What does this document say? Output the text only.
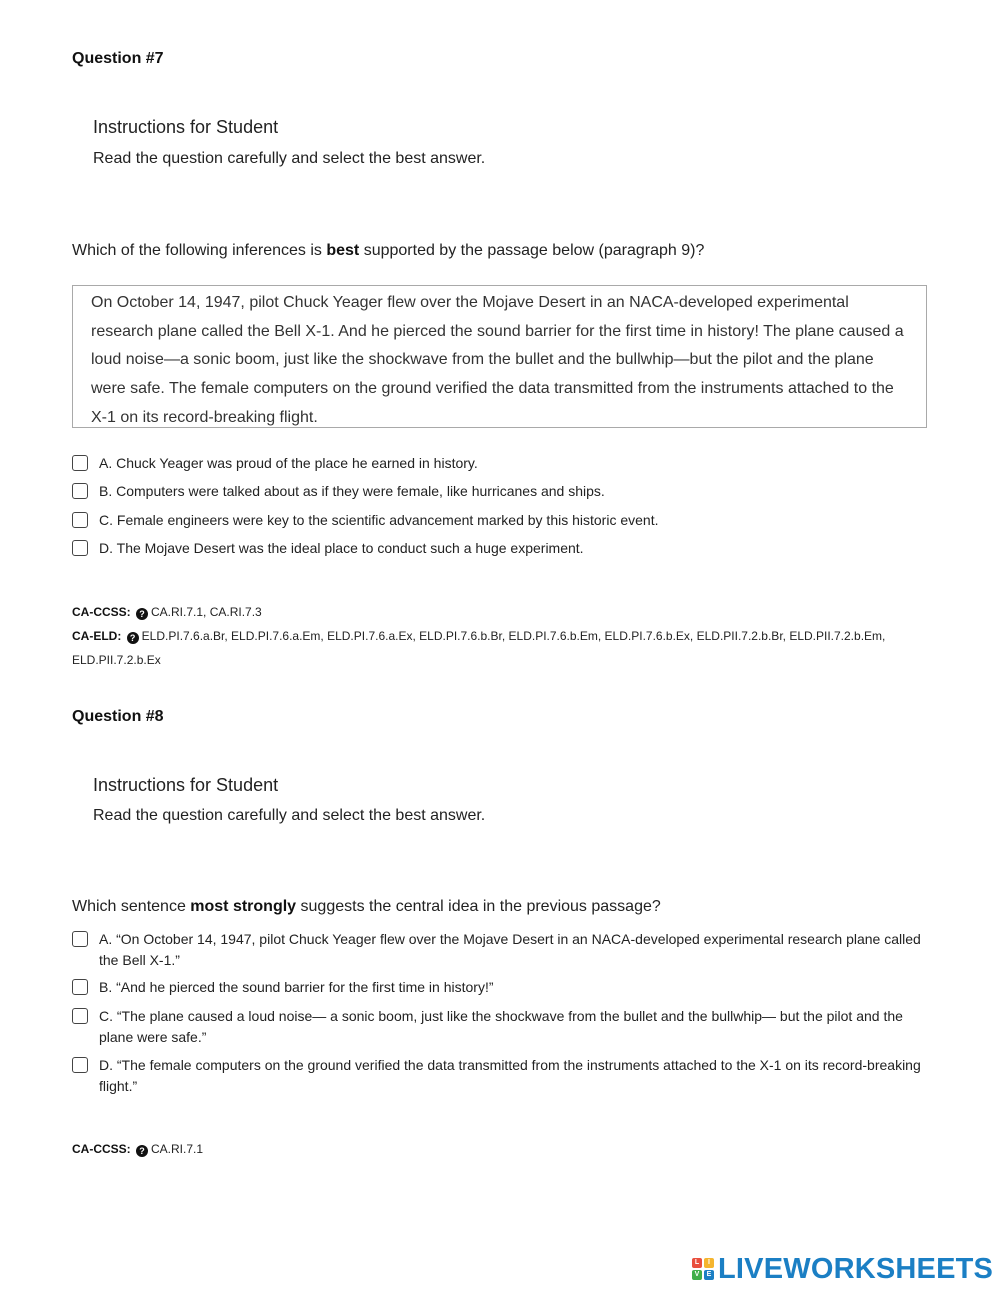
Question #7
Instructions for Student
Read the question carefully and select the best answer.
Which of the following inferences is best supported by the passage below (paragraph 9)?
On October 14, 1947, pilot Chuck Yeager flew over the Mojave Desert in an NACA-developed experimental research plane called the Bell X-1. And he pierced the sound barrier for the first time in history! The plane caused a loud noise—a sonic boom, just like the shockwave from the bullet and the bullwhip—but the pilot and the plane were safe. The female computers on the ground verified the data transmitted from the instruments attached to the X-1 on its record-breaking flight.
A. Chuck Yeager was proud of the place he earned in history.
B. Computers were talked about as if they were female, like hurricanes and ships.
C. Female engineers were key to the scientific advancement marked by this historic event.
D. The Mojave Desert was the ideal place to conduct such a huge experiment.
CA-CCSS: ? CA.RI.7.1, CA.RI.7.3
CA-ELD: ? ELD.PI.7.6.a.Br, ELD.PI.7.6.a.Em, ELD.PI.7.6.a.Ex, ELD.PI.7.6.b.Br, ELD.PI.7.6.b.Em, ELD.PI.7.6.b.Ex, ELD.PII.7.2.b.Br, ELD.PII.7.2.b.Em, ELD.PII.7.2.b.Ex
Question #8
Instructions for Student
Read the question carefully and select the best answer.
Which sentence most strongly suggests the central idea in the previous passage?
A. “On October 14, 1947, pilot Chuck Yeager flew over the Mojave Desert in an NACA-developed experimental research plane called the Bell X-1.”
B. “And he pierced the sound barrier for the first time in history!”
C. “The plane caused a loud noise— a sonic boom, just like the shockwave from the bullet and the bullwhip— but the pilot and the plane were safe.”
D. “The female computers on the ground verified the data transmitted from the instruments attached to the X-1 on its record-breaking flight.”
CA-CCSS: ? CA.RI.7.1
L	I
V	E LIVEWORKSHEETS
